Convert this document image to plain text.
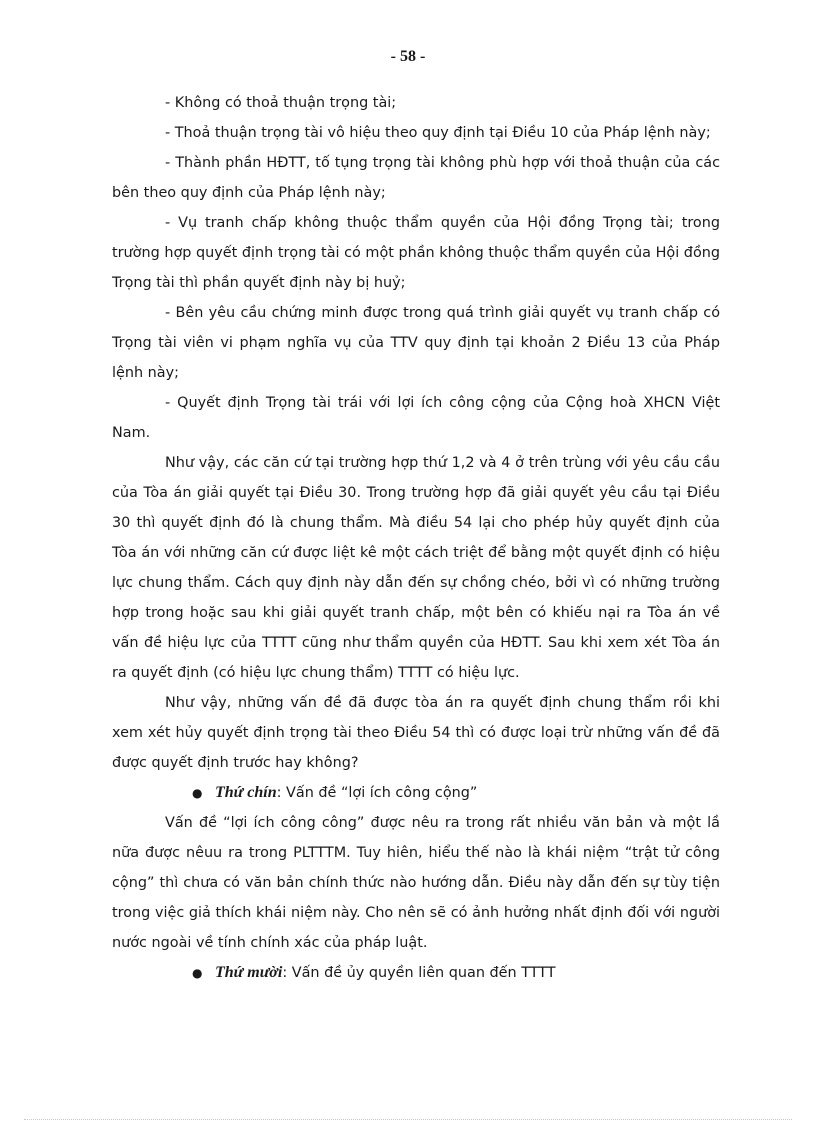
- 58 -

- Không có thoả thuận trọng tài;

- Thoả thuận trọng tài vô hiệu theo quy định tại Điều 10 của Pháp lệnh này;

- Thành phần HĐTT, tố tụng trọng tài không phù hợp với thoả thuận của các bên theo quy định của Pháp lệnh này;

- Vụ tranh chấp không thuộc thẩm quyền của Hội đồng Trọng tài; trong trường hợp quyết định trọng tài có một phần không thuộc thẩm quyền của Hội đồng Trọng tài thì phần quyết định này bị huỷ;

- Bên yêu cầu chứng minh được trong quá trình giải quyết vụ tranh chấp có Trọng tài viên vi phạm nghĩa vụ của TTV quy định tại khoản 2 Điều 13 của Pháp lệnh này;

- Quyết định Trọng tài trái với lợi ích công cộng của Cộng hoà XHCN Việt Nam.

Như vậy, các căn cứ tại trường hợp thứ 1,2 và 4 ở trên trùng với yêu cầu cầu của Tòa án giải quyết tại Điều 30. Trong trường hợp đã giải quyết yêu cầu tại Điều 30 thì quyết định đó là chung thẩm. Mà điều 54 lại cho phép hủy quyết định của Tòa án với những căn cứ được liệt kê một cách triệt để bằng một quyết định có hiệu lực chung thẩm. Cách quy định này dẫn đến sự chồng chéo, bởi vì có những trường hợp trong hoặc sau khi giải quyết tranh chấp, một bên có khiếu nại ra Tòa án về vấn đề hiệu lực của TTTT cũng như thẩm quyền của HĐTT. Sau khi xem xét Tòa án ra quyết định (có hiệu lực chung thẩm) TTTT có hiệu lực.

Như vậy, những vấn đề đã được tòa án ra quyết định chung thẩm rồi khi xem xét hủy quyết định trọng tài theo Điều 54 thì có được loại trừ những vấn đề đã được quyết định trước hay không?

● Thứ chín: Vấn đề “lợi ích công cộng”

Vấn đề “lợi ích công công” được nêu ra trong rất nhiều văn bản và một lầ nữa được nêuu ra trong PLTTTM. Tuy hiên, hiểu thế nào là khái niệm “trật tử công cộng” thì chưa có văn bản chính thức nào hướng dẫn. Điều này dẫn đến sự tùy tiện trong việc giả thích khái niệm này. Cho nên sẽ có ảnh hưởng nhất định đối với người nước ngoài về tính chính xác của pháp luật.

● Thứ mười: Vấn đề ủy quyền liên quan đến TTTT
